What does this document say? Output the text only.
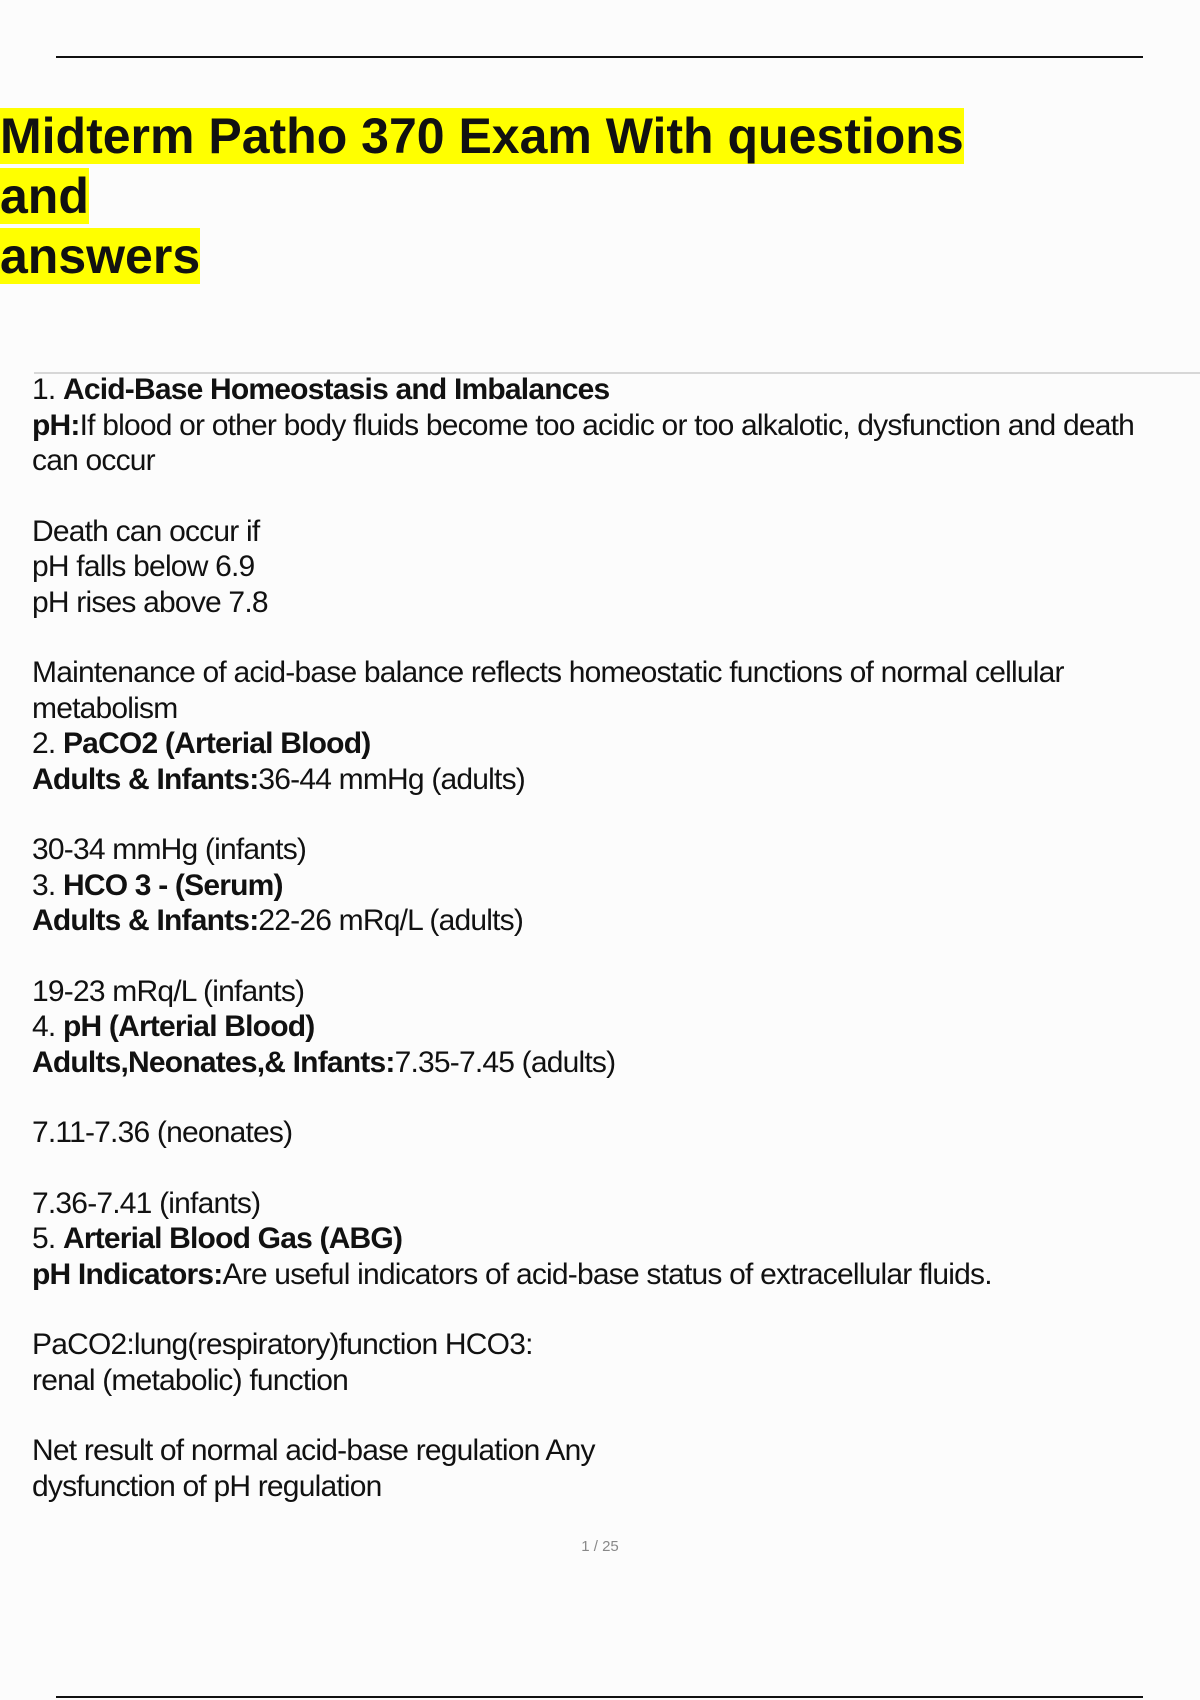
Midterm Patho 370 Exam With questions and
answers

1. Acid-Base Homeostasis and Imbalances

pH:If blood or other body fluids become too acidic or too alkalotic, dysfunction and death

can occur

Death can occur if

pH falls below 6.9

pH rises above 7.8

Maintenance of acid-base balance reflects homeostatic functions of normal cellular

metabolism

2. PaCO2 (Arterial Blood)

Adults & Infants:36-44 mmHg (adults)

30-34 mmHg (infants)

3. HCO 3 - (Serum)

Adults & Infants:22-26 mRq/L (adults)

19-23 mRq/L (infants)

4. pH (Arterial Blood)

Adults,Neonates,& Infants:7.35-7.45 (adults)

7.11-7.36 (neonates)

7.36-7.41 (infants)

5. Arterial Blood Gas (ABG)

pH Indicators:Are useful indicators of acid-base status of extracellular fluids.

PaCO2:lung(respiratory)function HCO3:

renal (metabolic) function

Net result of normal acid-base regulation Any

dysfunction of pH regulation

1 / 25
